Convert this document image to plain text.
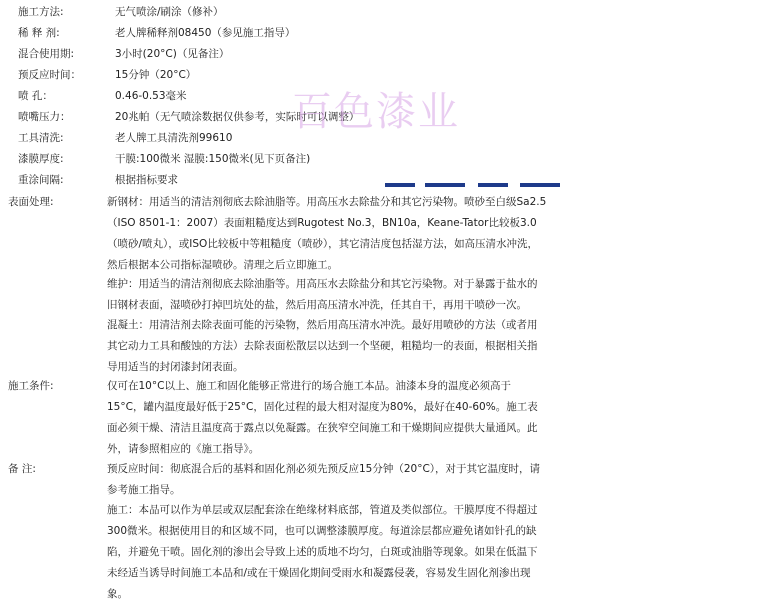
施工方法:	无气喷涂/刷涂（修补）
稀 释 剂:	老人牌稀释剂08450（参见施工指导）
混合使用期:	3小时(20°C)（见备注）
预反应时间：	15分钟（20°C）
喷 孔：	0.46-0.53毫米
喷嘴压力：	20兆帕（无气喷涂数据仅供参考，实际时可以调整）
工具清洗:	老人牌工具清洗剂99610
漆膜厚度:	干膜:100微米 湿膜:150微米(见下页备注)
重涂间隔:	根据指标要求
百色漆业
表面处理:	新钢材：用适当的清洁剂彻底去除油脂等。用高压水去除盐分和其它污染物。喷砂至白级Sa2.5（ISO 8501-1：2007）表面粗糙度达到Rugotest No.3，BN10a，Keane-Tator比较板3.0（喷砂/喷丸），或ISO比较板中等粗糙度（喷砂），其它清洁度包括湿方法，如高压清水冲洗，然后根据本公司指标湿喷砂。清理之后立即施工。
维护：用适当的清洁剂彻底去除油脂等。用高压水去除盐分和其它污染物。对于暴露于盐水的旧钢材表面，湿喷砂打掉凹坑处的盐，然后用高压清水冲洗，任其自干，再用干喷砂一次。
混凝土：用清洁剂去除表面可能的污染物，然后用高压清水冲洗。最好用喷砂的方法（或者用其它动力工具和酸蚀的方法）去除表面松散层以达到一个坚硬，粗糙均一的表面，根据相关指导用适当的封闭漆封闭表面。
施工条件:	仅可在10°C以上、施工和固化能够正常进行的场合施工本品。油漆本身的温度必须高于15°C，罐内温度最好低于25°C，固化过程的最大相对湿度为80%，最好在40-60%。施工表面必须干燥、清洁且温度高于露点以免凝露。在狭窄空间施工和干燥期间应提供大量通风。此外，请参照相应的《施工指导》。
备 注:	预反应时间：彻底混合后的基料和固化剂必须先预反应15分钟（20°C），对于其它温度时，请参考施工指导。
施工：本品可以作为单层或双层配套涂在绝缘材料底部，管道及类似部位。干膜厚度不得超过300微米。根据使用目的和区域不同，也可以调整漆膜厚度。每道涂层都应避免诸如针孔的缺陷，并避免干喷。固化剂的渗出会导致上述的质地不均匀，白斑或油脂等现象。如果在低温下未经适当诱导时间施工本品和/或在干燥固化期间受雨水和凝露侵袭，容易发生固化剂渗出现象。
